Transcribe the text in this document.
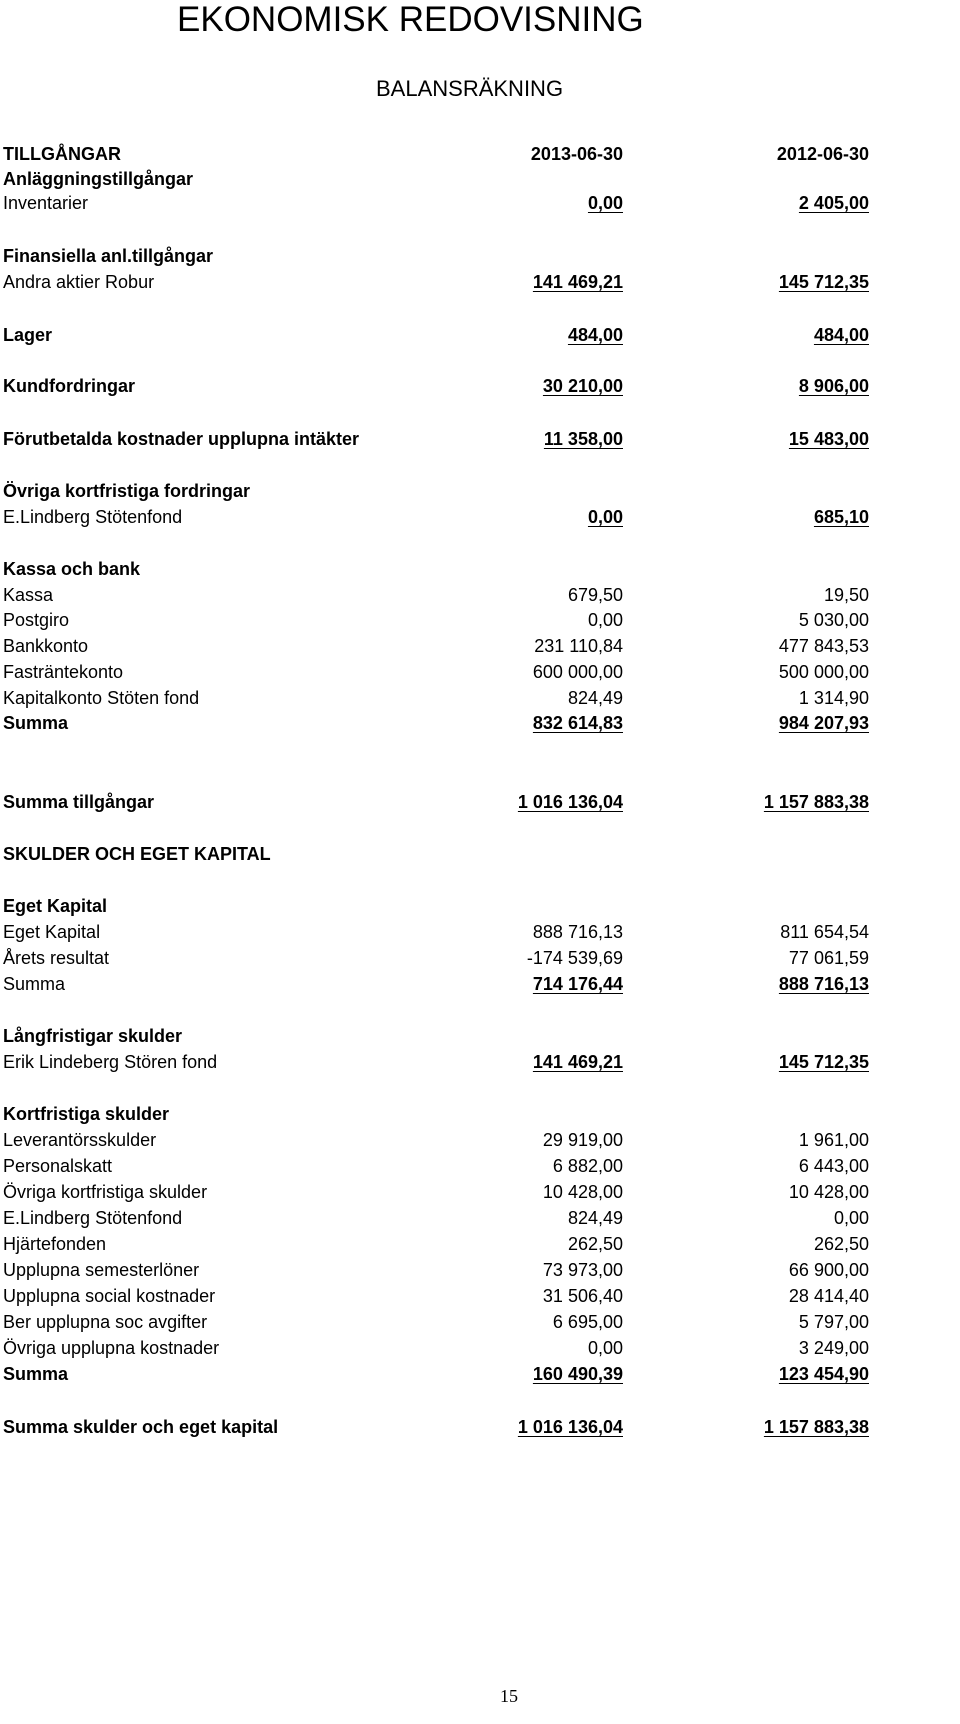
EKONOMISK REDOVISNING
BALANSRÄKNING
TILLGÅNGAR	2013-06-30	2012-06-30
Anläggningstillgångar
Inventarier	0,00	2 405,00
Finansiella anl.tillgångar
Andra aktier Robur	141 469,21	145 712,35
Lager	484,00	484,00
Kundfordringar	30 210,00	8 906,00
Förutbetalda kostnader upplupna intäkter	11 358,00	15 483,00
Övriga kortfristiga fordringar
E.Lindberg Stötenfond	0,00	685,10
Kassa och bank
Kassa	679,50	19,50
Postgiro	0,00	5 030,00
Bankkonto	231 110,84	477 843,53
Fasträntekonto	600 000,00	500 000,00
Kapitalkonto Stöten fond	824,49	1 314,90
Summa	832 614,83	984 207,93
Summa tillgångar	1 016 136,04	1 157 883,38
SKULDER OCH EGET KAPITAL
Eget Kapital
Eget Kapital	888 716,13	811 654,54
Årets resultat	-174 539,69	77 061,59
Summa	714 176,44	888 716,13
Långfristigar skulder
Erik Lindeberg Stören fond	141 469,21	145 712,35
Kortfristiga skulder
Leverantörsskulder	29 919,00	1 961,00
Personalskatt	6 882,00	6 443,00
Övriga kortfristiga skulder	10 428,00	10 428,00
E.Lindberg Stötenfond	824,49	0,00
Hjärtefonden	262,50	262,50
Upplupna semesterlöner	73 973,00	66 900,00
Upplupna social kostnader	31 506,40	28 414,40
Ber upplupna soc avgifter	6 695,00	5 797,00
Övriga upplupna kostnader	0,00	3 249,00
Summa	160 490,39	123 454,90
Summa skulder och eget kapital	1 016 136,04	1 157 883,38
15
